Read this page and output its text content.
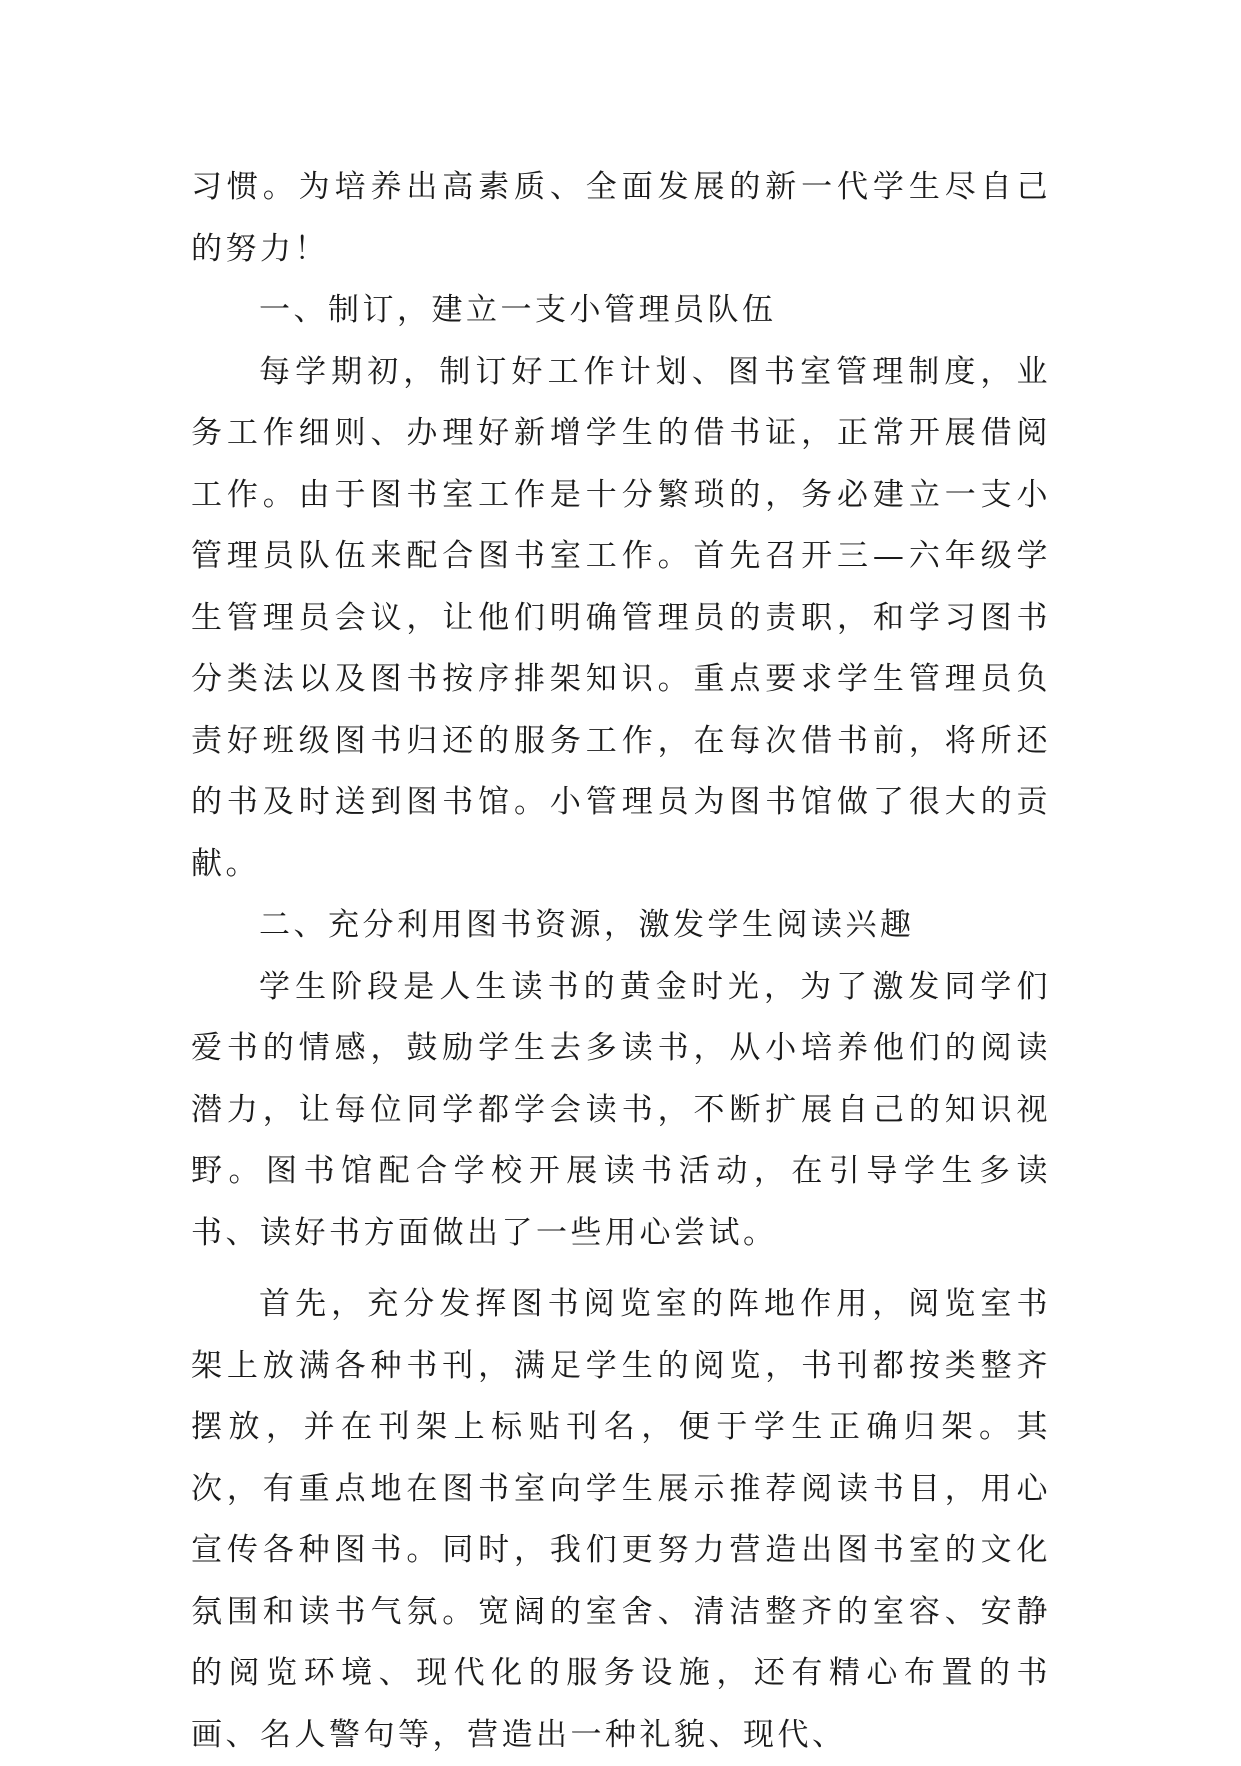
习惯。为培养出高素质、全面发展的新一代学生尽自己的努力！

一、制订，建立一支小管理员队伍

每学期初，制订好工作计划、图书室管理制度，业务工作细则、办理好新增学生的借书证，正常开展借阅工作。由于图书室工作是十分繁琐的，务必建立一支小管理员队伍来配合图书室工作。首先召开三—六年级学生管理员会议，让他们明确管理员的责职，和学习图书分类法以及图书按序排架知识。重点要求学生管理员负责好班级图书归还的服务工作，在每次借书前，将所还的书及时送到图书馆。小管理员为图书馆做了很大的贡献。

二、充分利用图书资源，激发学生阅读兴趣

学生阶段是人生读书的黄金时光，为了激发同学们爱书的情感，鼓励学生去多读书，从小培养他们的阅读潜力，让每位同学都学会读书，不断扩展自己的知识视野。图书馆配合学校开展读书活动，在引导学生多读书、读好书方面做出了一些用心尝试。

首先，充分发挥图书阅览室的阵地作用，阅览室书架上放满各种书刊，满足学生的阅览，书刊都按类整齐摆放，并在刊架上标贴刊名，便于学生正确归架。其次，有重点地在图书室向学生展示推荐阅读书目，用心宣传各种图书。同时，我们更努力营造出图书室的文化氛围和读书气氛。宽阔的室舍、清洁整齐的室容、安静的阅览环境、现代化的服务设施，还有精心布置的书画、名人警句等，营造出一种礼貌、现代、
